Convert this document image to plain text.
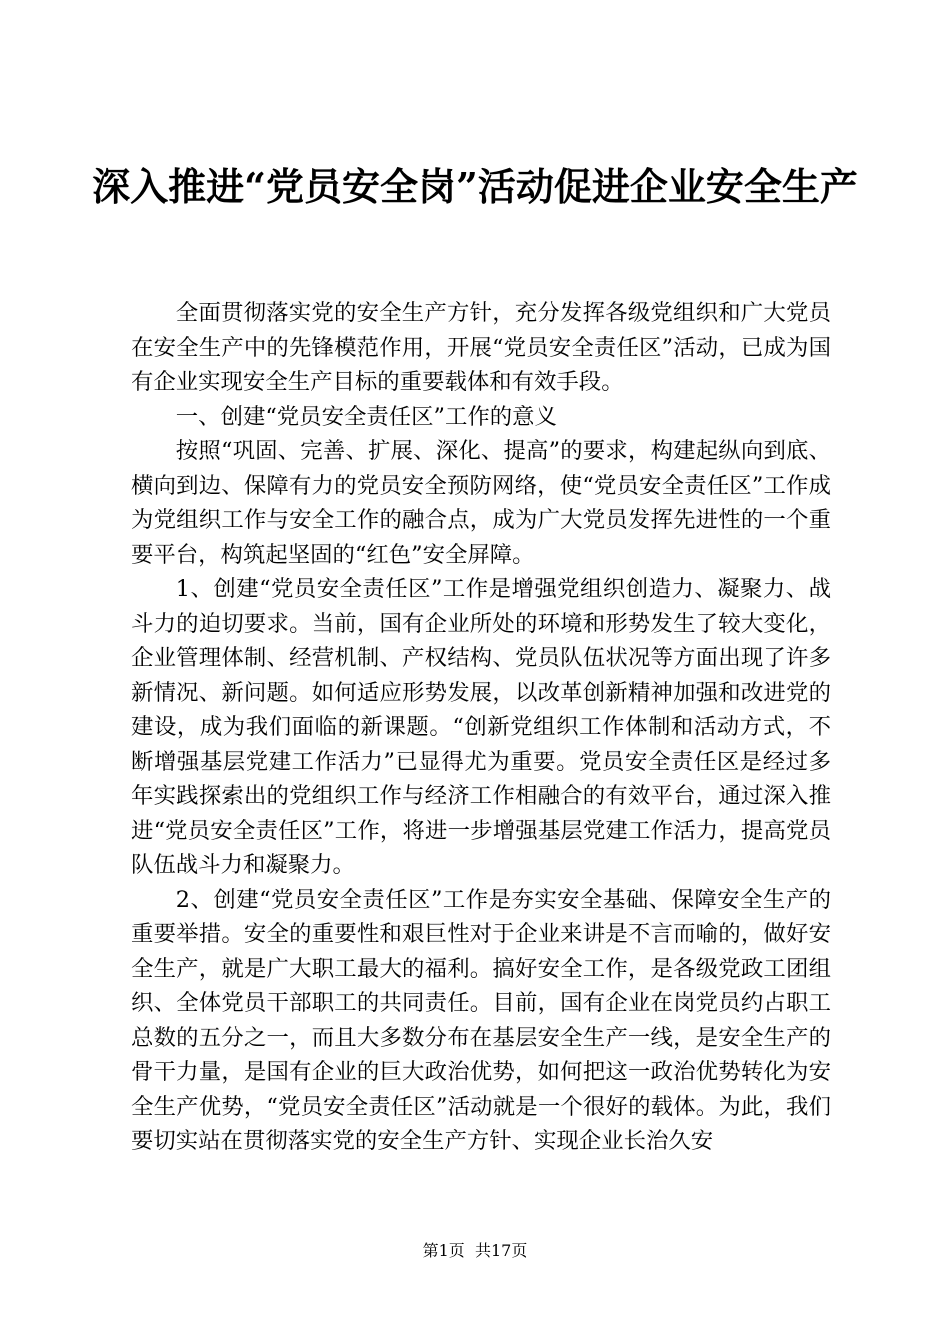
深入推进“党员安全岗”活动促进企业安全生产

全面贯彻落实党的安全生产方针，充分发挥各级党组织和广大党员在安全生产中的先锋模范作用，开展“党员安全责任区”活动，已成为国有企业实现安全生产目标的重要载体和有效手段。

一、创建“党员安全责任区”工作的意义

按照“巩固、完善、扩展、深化、提高”的要求，构建起纵向到底、横向到边、保障有力的党员安全预防网络，使“党员安全责任区”工作成为党组织工作与安全工作的融合点，成为广大党员发挥先进性的一个重要平台，构筑起坚固的“红色”安全屏障。

1、创建“党员安全责任区”工作是增强党组织创造力、凝聚力、战斗力的迫切要求。当前，国有企业所处的环境和形势发生了较大变化，企业管理体制、经营机制、产权结构、党员队伍状况等方面出现了许多新情况、新问题。如何适应形势发展，以改革创新精神加强和改进党的建设，成为我们面临的新课题。“创新党组织工作体制和活动方式，不断增强基层党建工作活力”已显得尤为重要。党员安全责任区是经过多年实践探索出的党组织工作与经济工作相融合的有效平台，通过深入推进“党员安全责任区”工作，将进一步增强基层党建工作活力，提高党员队伍战斗力和凝聚力。

2、创建“党员安全责任区”工作是夯实安全基础、保障安全生产的重要举措。安全的重要性和艰巨性对于企业来讲是不言而喻的，做好安全生产，就是广大职工最大的福利。搞好安全工作，是各级党政工团组织、全体党员干部职工的共同责任。目前，国有企业在岗党员约占职工总数的五分之一，而且大多数分布在基层安全生产一线，是安全生产的骨干力量，是国有企业的巨大政治优势，如何把这一政治优势转化为安全生产优势，“党员安全责任区”活动就是一个很好的载体。为此，我们要切实站在贯彻落实党的安全生产方针、实现企业长治久安

第1页 共17页
